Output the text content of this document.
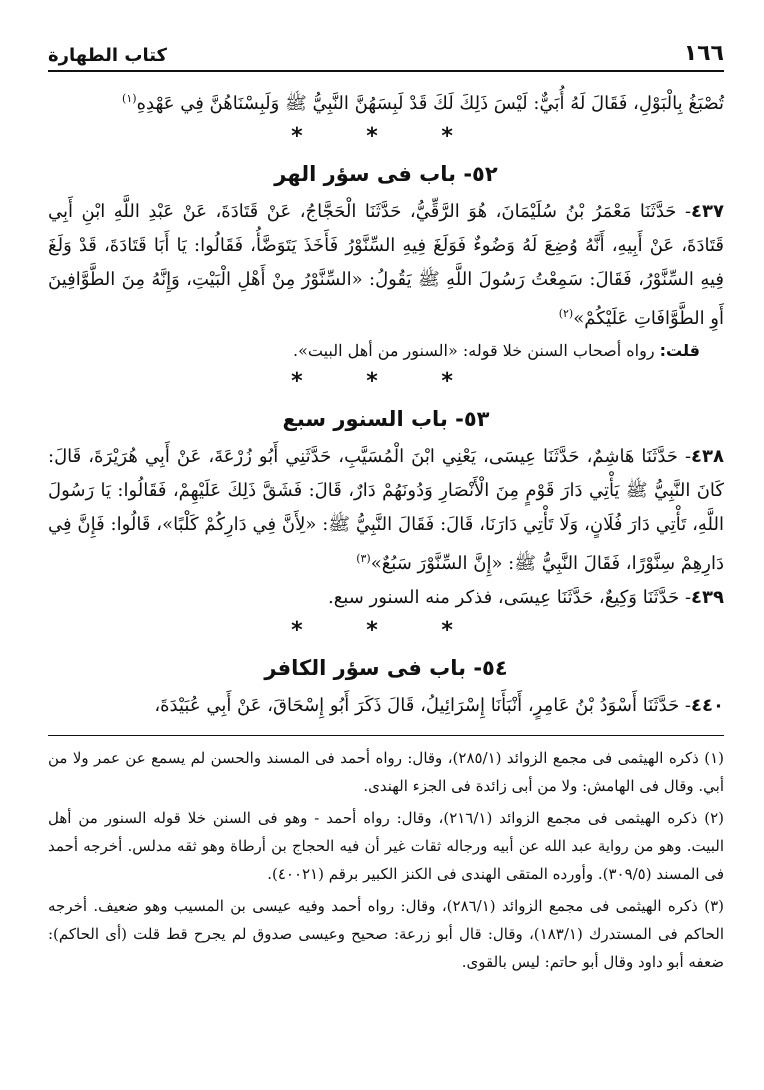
١٦٦
كتاب الطهارة

تُصْبَغُ بِالْبَوْلِ، فَقَالَ لَهُ أُبَيٌّ: لَيْسَ ذَلِكَ لَكَ قَدْ لَبِسَهُنَّ النَّبِيُّ ﷺ وَلَبِسْنَاهُنَّ فِي عَهْدِهِ$^{(١)}$

* * *
٥٢- باب فى سؤر الهر

٤٣٧- حَدَّثَنَا مَعْمَرُ بْنُ سُلَيْمَانَ، هُوَ الرَّقِّيُّ، حَدَّثَنَا الْحَجَّاجُ، عَنْ قَتَادَةَ، عَنْ عَبْدِ اللَّهِ ابْنِ أَبِي قَتَادَةَ، عَنْ أَبِيهِ، أَنَّهُ وُضِعَ لَهُ وَضُوءٌ فَوَلَغَ فِيهِ السِّنَّوْرُ فَأَخَذَ يَتَوَضَّأُ، فَقَالُوا: يَا أَبَا قَتَادَةَ، قَدْ وَلَغَ فِيهِ السِّنَّوْرُ، فَقَالَ: سَمِعْتُ رَسُولَ اللَّهِ ﷺ يَقُولُ: «السِّنَّوْرُ مِنْ أَهْلِ الْبَيْتِ، وَإِنَّهُ مِنَ الطَّوَّافِينَ أَوِ الطَّوَّافَاتِ عَلَيْكُمْ»$^{(٢)}$

قلت: رواه أصحاب السنن خلا قوله: «السنور من أهل البيت».

* * *
٥٣- باب السنور سبع

٤٣٨- حَدَّثَنَا هَاشِمٌ، حَدَّثَنَا عِيسَى، يَعْنِي ابْنَ الْمُسَيَّبِ، حَدَّثَنِي أَبُو زُرْعَةَ، عَنْ أَبِي هُرَيْرَةَ، قَالَ: كَانَ النَّبِيُّ ﷺ يَأْتِي دَارَ قَوْمٍ مِنَ الْأَنْصَارِ وَدُونَهُمْ دَارٌ، قَالَ: فَشَقَّ ذَلِكَ عَلَيْهِمْ، فَقَالُوا: يَا رَسُولَ اللَّهِ، تَأْتِي دَارَ فُلَانٍ، وَلَا تَأْتِي دَارَنَا، قَالَ: فَقَالَ النَّبِيُّ ﷺ: «لِأَنَّ فِي دَارِكُمْ كَلْبًا»، قَالُوا: فَإِنَّ فِي دَارِهِمْ سِنَّوْرًا، فَقَالَ النَّبِيُّ ﷺ: «إِنَّ السِّنَّوْرَ سَبُعٌ»$^{(٣)}$

٤٣٩- حَدَّثَنَا وَكِيعٌ، حَدَّثَنَا عِيسَى، فذكر منه السنور سبع.

* * *
٥٤- باب فى سؤر الكافر

٤٤٠- حَدَّثَنَا أَسْوَدُ بْنُ عَامِرٍ، أَنْبَأَنَا إِسْرَائِيلُ، قَالَ ذَكَرَ أَبُو إِسْحَاقَ، عَنْ أَبِي عُبَيْدَةَ،

(١) ذكره الهيثمى فى مجمع الزوائد (٢٨٥/١)، وقال: رواه أحمد فى المسند والحسن لم يسمع عن عمر ولا من أبي. وقال فى الهامش: ولا من أبى زائدة فى الجزء الهندى.

(٢) ذكره الهيثمى فى مجمع الزوائد (٢١٦/١)، وقال: رواه أحمد - وهو فى السنن خلا قوله السنور من أهل البيت. وهو من رواية عبد الله عن أبيه ورجاله ثقات غير أن فيه الحجاج بن أرطاة وهو ثقه مدلس. أخرجه أحمد فى المسند (٣٠٩/٥). وأورده المتقى الهندى فى الكنز الكبير برقم (٤٠٠٢١).

(٣) ذكره الهيثمى فى مجمع الزوائد (٢٨٦/١)، وقال: رواه أحمد وفيه عيسى بن المسيب وهو ضعيف. أخرجه الحاكم فى المستدرك (١٨٣/١)، وقال: قال أبو زرعة: صحيح وعيسى صدوق لم يجرح قط قلت (أى الحاكم): ضعفه أبو داود وقال أبو حاتم: ليس بالقوى.
